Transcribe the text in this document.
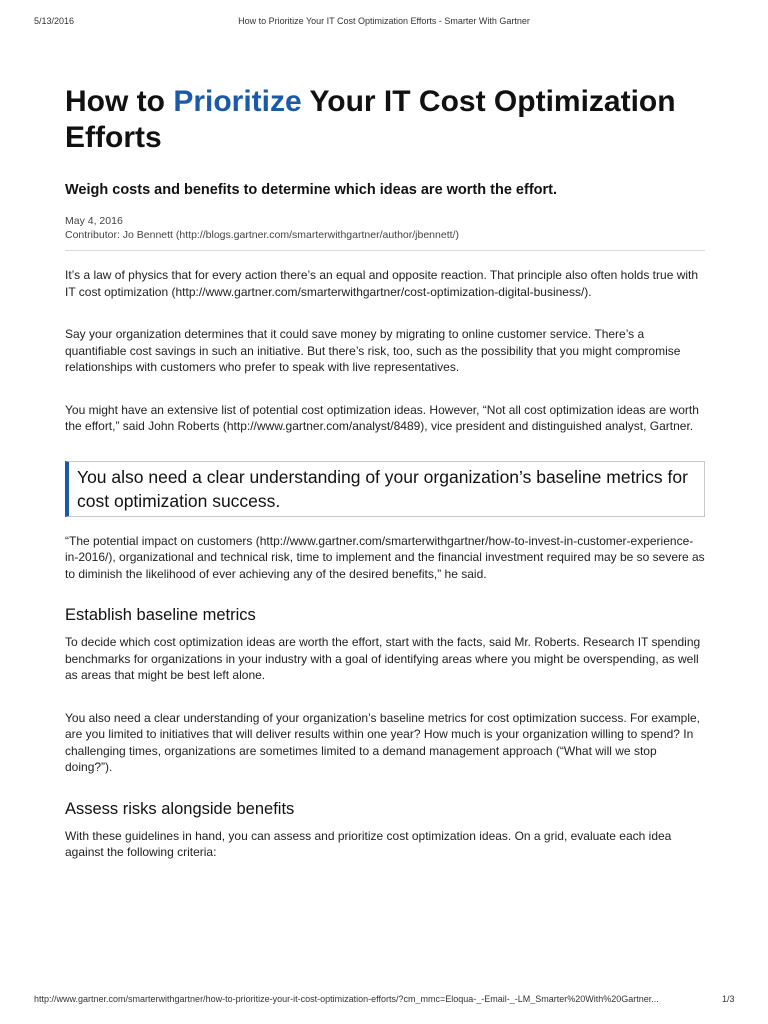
5/13/2016	How to Prioritize Your IT Cost Optimization Efforts - Smarter With Gartner
How to Prioritize Your IT Cost Optimization Efforts
Weigh costs and benefits to determine which ideas are worth the effort.
May 4, 2016
Contributor: Jo Bennett (http://blogs.gartner.com/smarterwithgartner/author/jbennett/)

It’s a law of physics that for every action there’s an equal and opposite reaction. That principle also often holds true with IT cost optimization (http://www.gartner.com/smarterwithgartner/cost-optimization-digital-business/).

Say your organization determines that it could save money by migrating to online customer service. There’s a quantifiable cost savings in such an initiative. But there’s risk, too, such as the possibility that you might compromise relationships with customers who prefer to speak with live representatives.

You might have an extensive list of potential cost optimization ideas. However, “Not all cost optimization ideas are worth the effort,” said John Roberts (http://www.gartner.com/analyst/8489), vice president and distinguished analyst, Gartner.

You also need a clear understanding of your organization’s baseline metrics for cost optimization success.

“The potential impact on customers (http://www.gartner.com/smarterwithgartner/how-to-invest-in-customer-experience-in-2016/), organizational and technical risk, time to implement and the financial investment required may be so severe as to diminish the likelihood of ever achieving any of the desired benefits,” he said.

Establish baseline metrics

To decide which cost optimization ideas are worth the effort, start with the facts, said Mr. Roberts. Research IT spending benchmarks for organizations in your industry with a goal of identifying areas where you might be overspending, as well as areas that might be best left alone.

You also need a clear understanding of your organization’s baseline metrics for cost optimization success. For example, are you limited to initiatives that will deliver results within one year? How much is your organization willing to spend? In challenging times, organizations are sometimes limited to a demand management approach (“What will we stop doing?”).

Assess risks alongside benefits

With these guidelines in hand, you can assess and prioritize cost optimization ideas. On a grid, evaluate each idea against the following criteria:

http://www.gartner.com/smarterwithgartner/how-to-prioritize-your-it-cost-optimization-efforts/?cm_mmc=Eloqua-_-Email-_-LM_Smarter%20With%20Gartner...	1/3
